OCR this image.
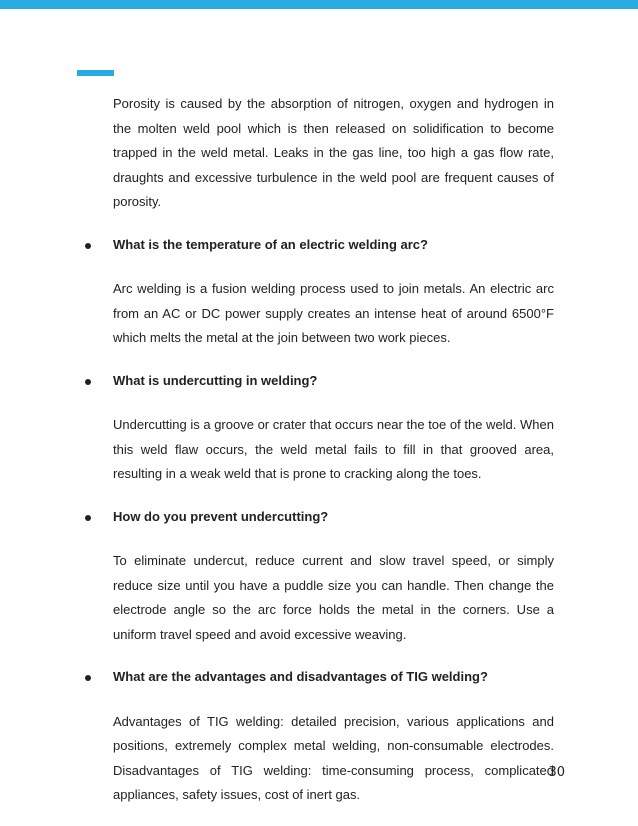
Porosity is caused by the absorption of nitrogen, oxygen and hydrogen in the molten weld pool which is then released on solidification to become trapped in the weld metal. Leaks in the gas line, too high a gas flow rate, draughts and excessive turbulence in the weld pool are frequent causes of porosity.

What is the temperature of an electric welding arc?

Arc welding is a fusion welding process used to join metals. An electric arc from an AC or DC power supply creates an intense heat of around 6500°F which melts the metal at the join between two work pieces.

What is undercutting in welding?

Undercutting is a groove or crater that occurs near the toe of the weld. When this weld flaw occurs, the weld metal fails to fill in that grooved area, resulting in a weak weld that is prone to cracking along the toes.

How do you prevent undercutting?

To eliminate undercut, reduce current and slow travel speed, or simply reduce size until you have a puddle size you can handle. Then change the electrode angle so the arc force holds the metal in the corners. Use a uniform travel speed and avoid excessive weaving.

What are the advantages and disadvantages of TIG welding?

Advantages of TIG welding: detailed precision, various applications and positions, extremely complex metal welding, non-consumable electrodes. Disadvantages of TIG welding: time-consuming process, complicated appliances, safety issues, cost of inert gas.

30
